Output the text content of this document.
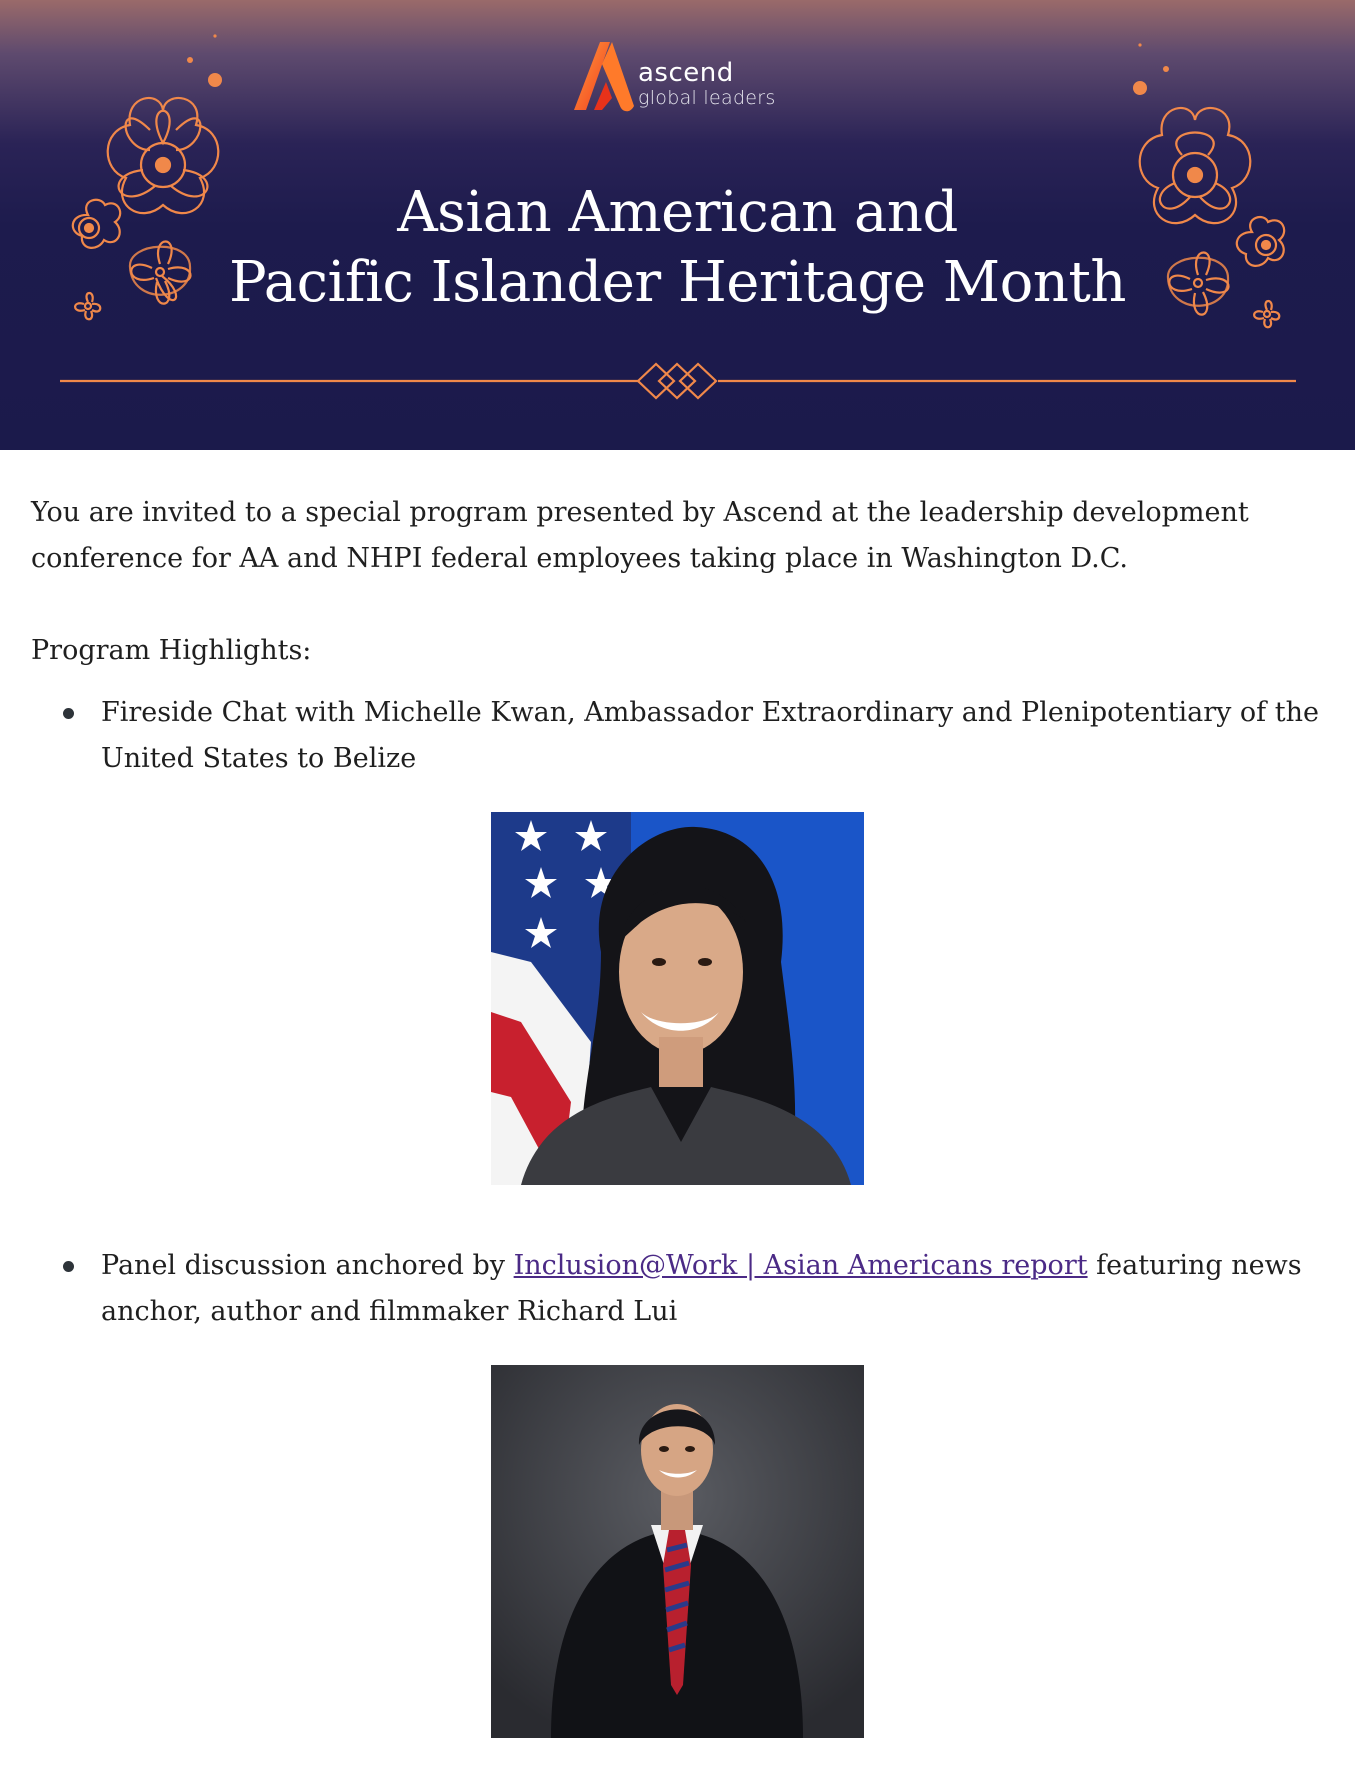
ascend
global leaders
Asian American and
Pacific Islander Heritage Month

You are invited to a special program presented by Ascend at the leadership development conference for AA and NHPI federal employees taking place in Washington D.C.

Program Highlights:

Fireside Chat with Michelle Kwan, Ambassador Extraordinary and Plenipotentiary of the United States to Belize
Panel discussion anchored by Inclusion@Work | Asian Americans report featuring news anchor, author and filmmaker Richard Lui
